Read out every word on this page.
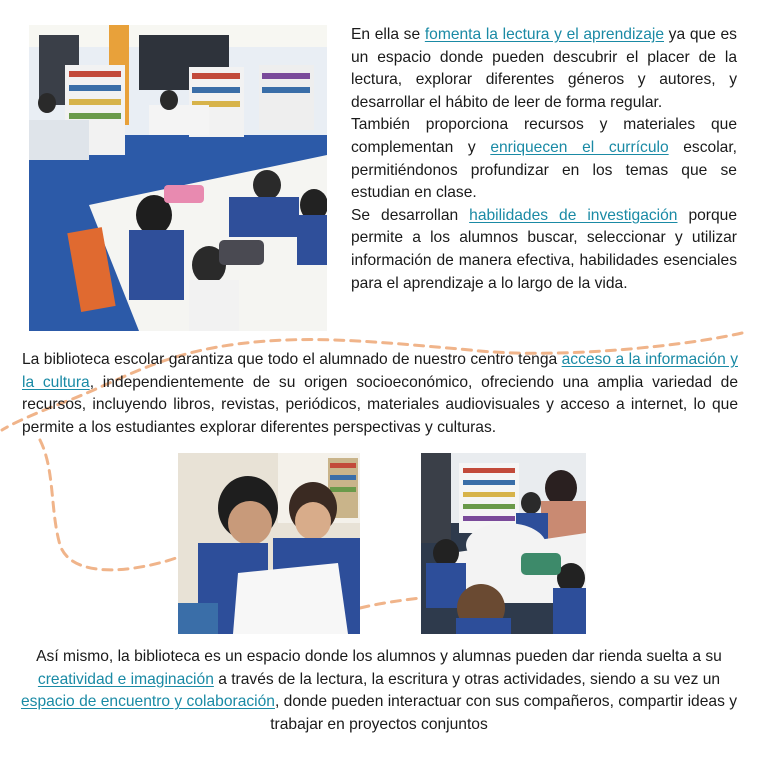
En ella se fomenta la lectura y el aprendizaje ya que es un espacio donde pueden descubrir el placer de la lectura, explorar diferentes géneros y autores, y desarrollar el hábito de leer de forma regular.

También proporciona recursos y materiales que complementan y enriquecen el currículo escolar, permitiéndonos profundizar en los temas que se estudian en clase.

Se desarrollan habilidades de investigación porque permite a los alumnos buscar, seleccionar y utilizar información de manera efectiva, habilidades esenciales para el aprendizaje a lo largo de la vida.

La biblioteca escolar garantiza que todo el alumnado de nuestro centro tenga acceso a la información y la cultura, independientemente de su origen socioeconómico, ofreciendo una amplia variedad de recursos, incluyendo libros, revistas, periódicos, materiales audiovisuales y acceso a internet, lo que permite a los estudiantes explorar diferentes perspectivas y culturas.

Así mismo, la biblioteca es un espacio donde los alumnos y alumnas pueden dar rienda suelta a su creatividad e imaginación a través de la lectura, la escritura y otras actividades, siendo a su vez un espacio de encuentro y colaboración, donde pueden interactuar con sus compañeros, compartir ideas y trabajar en proyectos conjuntos
